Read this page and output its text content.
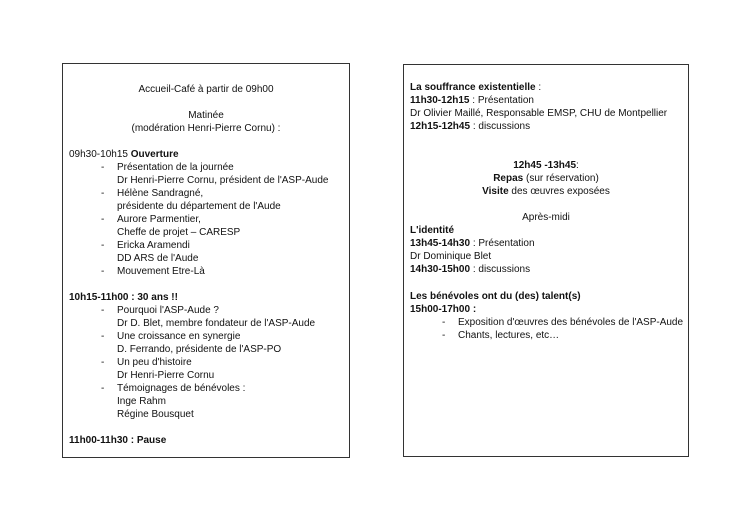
Accueil-Café à partir de 09h00
Matinée
(modération Henri-Pierre Cornu) :
09h30-10h15 Ouverture
- Présentation de la journée
Dr Henri-Pierre Cornu, président de l'ASP-Aude
- Hélène Sandragné,
présidente du département de l'Aude
- Aurore Parmentier,
Cheffe de projet – CARESP
- Ericka Aramendi
DD ARS de l'Aude
- Mouvement Etre-Là
10h15-11h00 : 30 ans !!
- Pourquoi l'ASP-Aude ?
Dr D. Blet, membre fondateur de l'ASP-Aude
- Une croissance en synergie
D. Ferrando, présidente de l'ASP-PO
- Un peu d'histoire
Dr Henri-Pierre Cornu
- Témoignages de bénévoles :
Inge Rahm
Régine Bousquet
11h00-11h30 : Pause
La souffrance existentielle :
11h30-12h15 : Présentation
Dr Olivier Maillé, Responsable EMSP, CHU de Montpellier
12h15-12h45 : discussions
12h45 -13h45:
Repas (sur réservation)
Visite des œuvres exposées
Après-midi
L'identité
13h45-14h30 : Présentation
Dr Dominique Blet
14h30-15h00 : discussions
Les bénévoles ont du (des) talent(s)
15h00-17h00 :
- Exposition d'œuvres des bénévoles de l'ASP-Aude
- Chants, lectures, etc…
